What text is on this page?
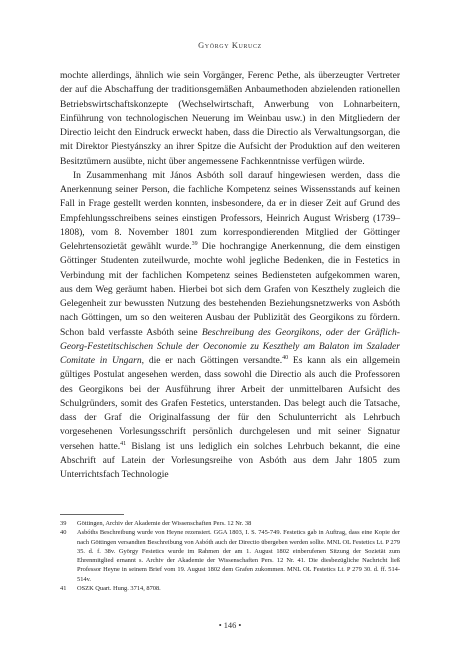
György Kurucz

mochte allerdings, ähnlich wie sein Vorgänger, Ferenc Pethe, als überzeugter Vertreter der auf die Abschaffung der traditionsgemäßen Anbaumethoden abzielenden rationellen Betriebswirtschaftskonzepte (Wechselwirtschaft, Anwerbung von Lohnarbeitern, Einführung von technologischen Neuerung im Weinbau usw.) in den Mitgliedern der Directio leicht den Eindruck erweckt haben, dass die Directio als Verwaltungsorgan, die mit Direktor Piestyánszky an ihrer Spitze die Aufsicht der Produktion auf den weiteren Besitztümern ausübte, nicht über angemessene Fachkenntnisse verfügen würde.

In Zusammenhang mit János Asbóth soll darauf hingewiesen werden, dass die Anerkennung seiner Person, die fachliche Kompetenz seines Wissensstands auf keinen Fall in Frage gestellt werden konnten, insbesondere, da er in dieser Zeit auf Grund des Empfehlungsschreibens seines einstigen Professors, Heinrich August Wrisberg (1739–1808), vom 8. November 1801 zum korrespondierenden Mitglied der Göttinger Gelehrtensozietät gewählt wurde.$^{39}$ Die hochrangige Anerkennung, die dem einstigen Göttinger Studenten zuteilwurde, mochte wohl jegliche Bedenken, die in Festetics in Verbindung mit der fachlichen Kompetenz seines Bediensteten aufgekommen waren, aus dem Weg geräumt haben. Hierbei bot sich dem Grafen von Keszthely zugleich die Gelegenheit zur bewussten Nutzung des bestehenden Beziehungsnetzwerks von Asbóth nach Göttingen, um so den weiteren Ausbau der Publizität des Georgikons zu fördern. Schon bald verfasste Asbóth seine Beschreibung des Georgikons, oder der Gräflich-Georg-Festetitschischen Schule der Oeconomie zu Keszthely am Balaton im Szalader Comitate in Ungarn, die er nach Göttingen versandte.$^{40}$ Es kann als ein allgemein gültiges Postulat angesehen werden, dass sowohl die Directio als auch die Professoren des Georgikons bei der Ausführung ihrer Arbeit der unmittelbaren Aufsicht des Schulgründers, somit des Grafen Festetics, unterstanden. Das belegt auch die Tatsache, dass der Graf die Originalfassung der für den Schulunterricht als Lehrbuch vorgesehenen Vorlesungsschrift persönlich durchgelesen und mit seiner Signatur versehen hatte.$^{41}$ Bislang ist uns lediglich ein solches Lehrbuch bekannt, die eine Abschrift auf Latein der Vorlesungsreihe von Asbóth aus dem Jahr 1805 zum Unterrichtsfach Technologie

39	Göttingen, Archiv der Akademie der Wissenschaften Pers. 12 Nr. 38
40	Asbóths Beschreibung wurde von Heyne rezensiert. GGA 1803, I. S. 745-749. Festetics gab in Auftrag, dass eine Kopie der nach Göttingen versandten Beschreibung von Asbóth auch der Directio übergeben werden sollte. MNL OL Festetics Lt. P 279 35. d. f. 38v. György Festetics wurde im Rahmen der am 1. August 1802 einberufenen Sitzung der Sozietät zum Ehrenmitglied ernannt s. Archiv der Akademie der Wissenschaften Pers. 12 Nr. 41. Die diesbezügliche Nachricht ließ Professor Heyne in seinem Brief vom 19. August 1802 dem Grafen zukommen. MNL OL Festetics Lt. P 279 30. d. ff. 514-514v.
41	OSZK Quart. Hung. 3714, 8708.
• 146 •
